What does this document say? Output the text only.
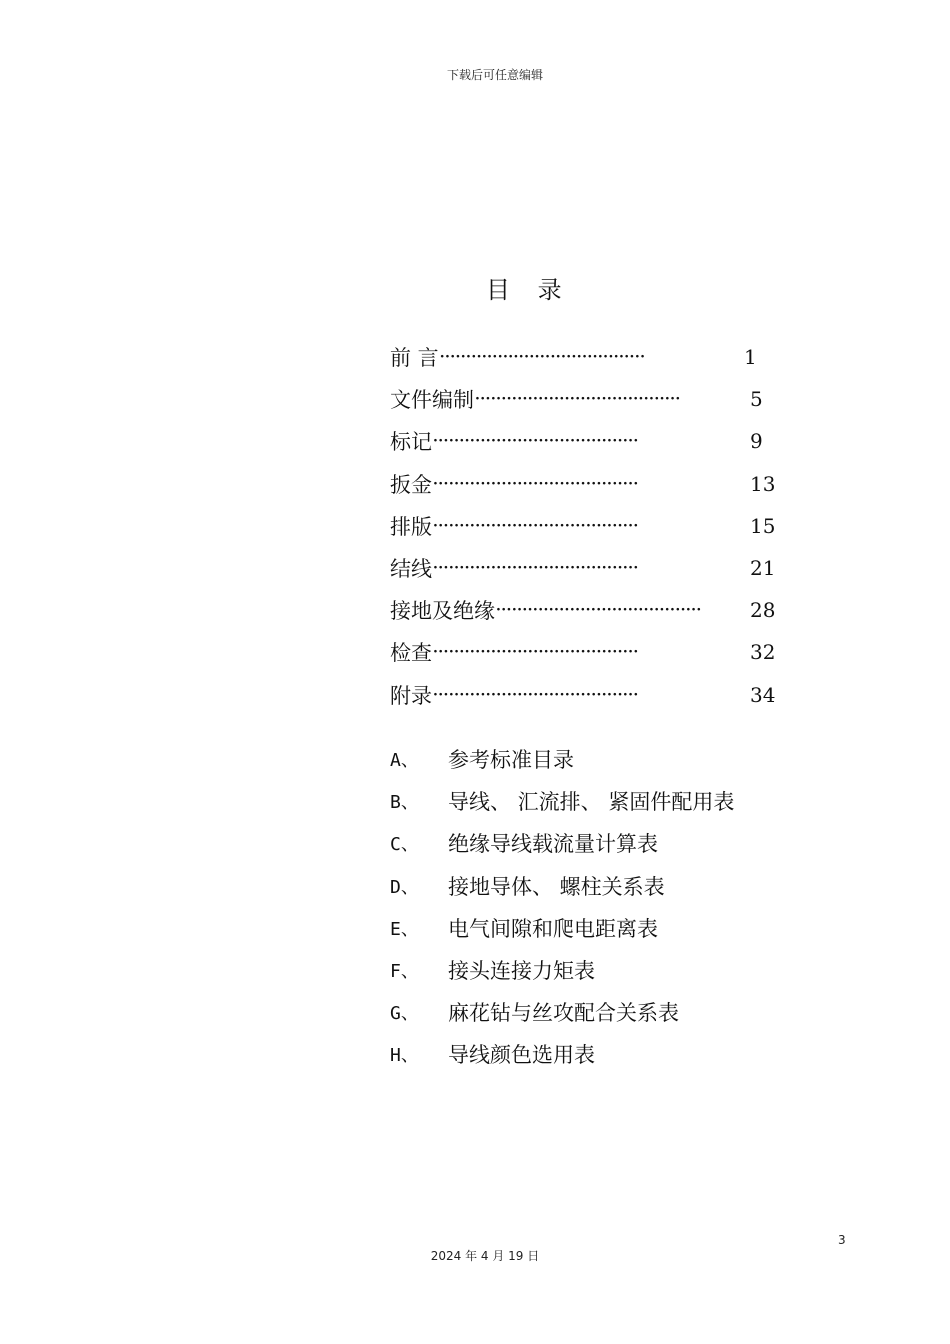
下载后可任意编辑
目 录
前 言 ·······································	1
文件编制 ·······································	5
标记 ·······································	9
扳金 ·······································	13
排版 ·······································	15
结线 ·······································	21
接地及绝缘 ·······································	28
检查 ·······································	32
附录 ·······································	34
A、	参考标准目录
B、	导线、 汇流排、 紧固件配用表
C、	绝缘导线载流量计算表
D、	接地导体、 螺柱关系表
E、	电气间隙和爬电距离表
F、	接头连接力矩表
G、	麻花钻与丝攻配合关系表
H、	导线颜色选用表
3
2024 年 4 月 19 日
